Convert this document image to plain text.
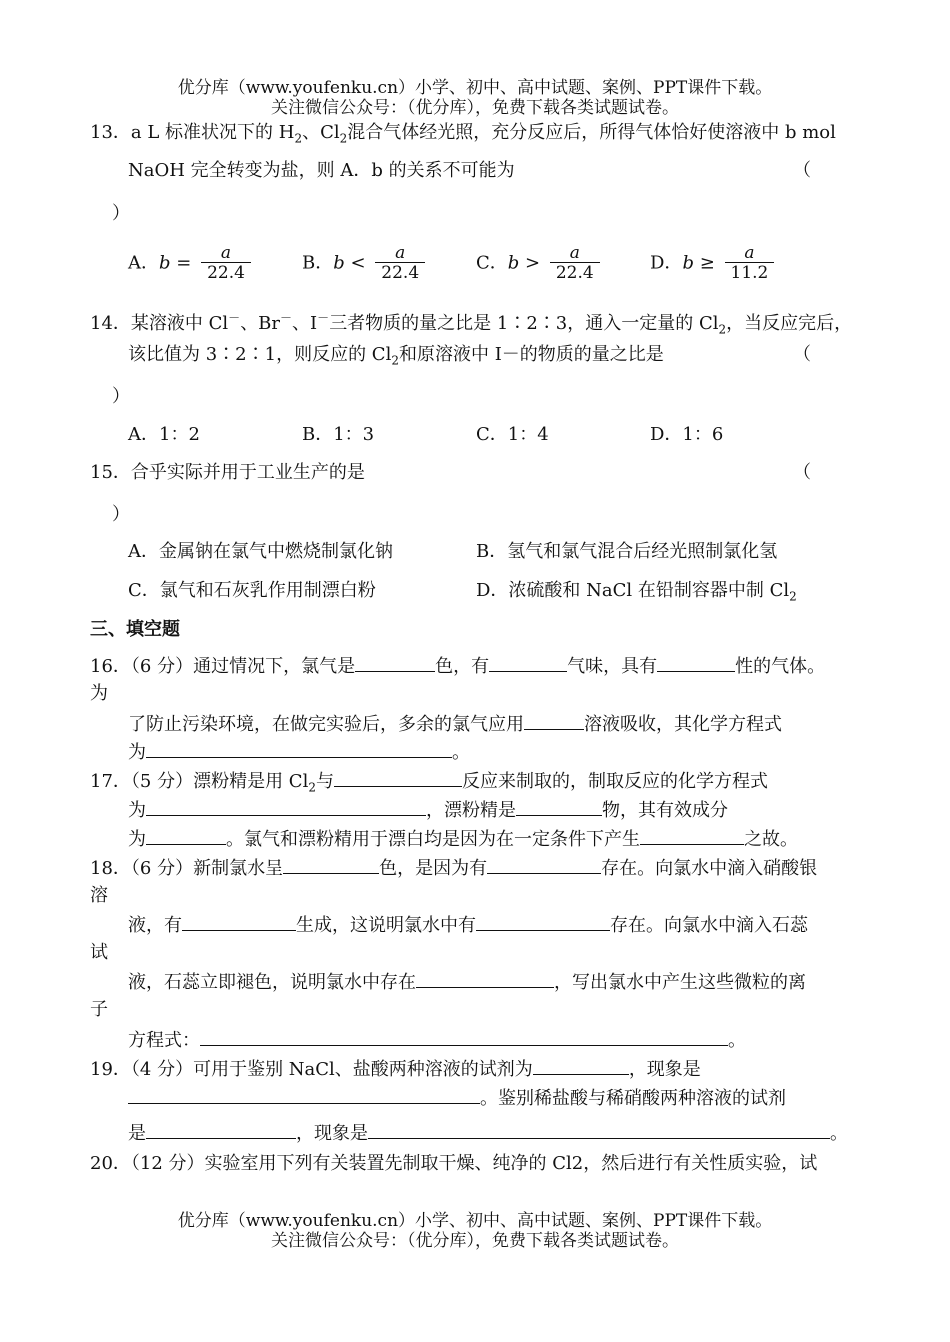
优分库（www.youfenku.cn）小学、初中、高中试题、案例、PPT课件下载。
关注微信公众号：（优分库），免费下载各类试题试卷。
13．a L 标准状况下的 $H_2$、$Cl_2$混合气体经光照，充分反应后，所得气体恰好使溶液中 b mol
NaOH 完全转变为盐，则 A．b 的关系不可能为	（
）
A．$b = \frac{a}{22.4}$	B．$b < \frac{a}{22.4}$	C．$b > \frac{a}{22.4}$	D．$b \ge \frac{a}{11.2}$
14．某溶液中 Cl－、Br－、I－三者物质的量之比是 1∶2∶3，通入一定量的 $Cl_2$，当反应完后，
该比值为 3∶2∶1，则反应的 $Cl_2$和原溶液中 I－的物质的量之比是	（
）
A．1：2	B．1：3	C．1：4	D．1：6
15．合乎实际并用于工业生产的是	（
）
A．金属钠在氯气中燃烧制氯化钠	B．氢气和氯气混合后经光照制氯化氢
C．氯气和石灰乳作用制漂白粉	D．浓硫酸和 NaCl 在铅制容器中制 $Cl_2$
三、填空题
16．（6 分）通过情况下，氯气是	色，有	气味，具有	性的气体。
为
了防止污染环境，在做完实验后，多余的氯气应用	溶液吸收，其化学方程式
为	。
17．（5 分）漂粉精是用 $Cl_2$与	反应来制取的，制取反应的化学方程式
为	，漂粉精是	物，其有效成分
为	。氯气和漂粉精用于漂白均是因为在一定条件下产生	之故。
18．（6 分）新制氯水呈	色，是因为有	存在。向氯水中滴入硝酸银
溶
液，有	生成，这说明氯水中有	存在。向氯水中滴入石蕊
试
液，石蕊立即褪色，说明氯水中存在	，写出氯水中产生这些微粒的离
子
方程式：	。
19．（4 分）可用于鉴别 NaCl、盐酸两种溶液的试剂为	，现象是
。鉴别稀盐酸与稀硝酸两种溶液的试剂
是	，现象是	。
20．（12 分）实验室用下列有关装置先制取干燥、纯净的 Cl2，然后进行有关性质实验，试
优分库（www.youfenku.cn）小学、初中、高中试题、案例、PPT课件下载。
关注微信公众号：（优分库），免费下载各类试题试卷。
